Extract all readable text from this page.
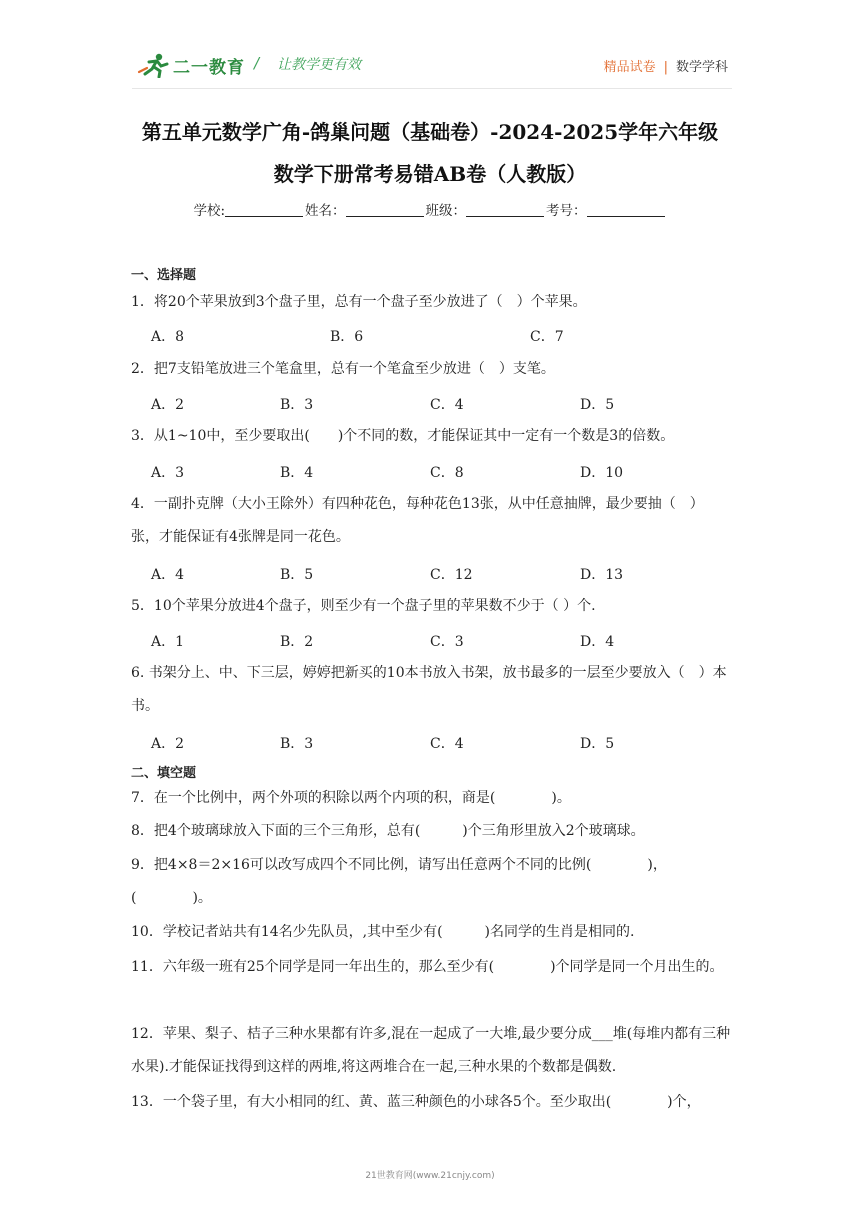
二一教育 / 让教学更有效	精品试卷 | 数学学科
第五单元数学广角-鸽巢问题（基础卷）-2024-2025学年六年级
数学下册常考易错AB卷（人教版）
学校:	姓名：	班级：	考号：
一、选择题
1．将20个苹果放到3个盘子里，总有一个盘子至少放进了（　）个苹果。
A．8	B．6	C．7
2．把7支铅笔放进三个笔盒里，总有一个笔盒至少放进（　）支笔。
A．2	B．3	C．4	D．5
3．从1~10中，至少要取出(　　)个不同的数，才能保证其中一定有一个数是3的倍数。
A．3	B．4	C．8	D．10
4．一副扑克牌（大小王除外）有四种花色，每种花色13张，从中任意抽牌，最少要抽（　）张，才能保证有4张牌是同一花色。
A．4	B．5	C．12	D．13
5．10个苹果分放进4个盘子，则至少有一个盘子里的苹果数不少于（ ）个.
A．1	B．2	C．3	D．4
6. 书架分上、中、下三层，婷婷把新买的10本书放入书架，放书最多的一层至少要放入（　）本书。
A．2	B．3	C．4	D．5
二、填空题
7．在一个比例中，两个外项的积除以两个内项的积，商是(　　　　)。
8．把4个玻璃球放入下面的三个三角形，总有(　　　)个三角形里放入2个玻璃球。
9．把4×8＝2×16可以改写成四个不同比例，请写出任意两个不同的比例(　　　　)，(　　　　)。
10．学校记者站共有14名少先队员，,其中至少有(　　　)名同学的生肖是相同的.
11．六年级一班有25个同学是同一年出生的，那么至少有(　　　　)个同学是同一个月出生的。
12．苹果、梨子、桔子三种水果都有许多,混在一起成了一大堆,最少要分成___堆(每堆内都有三种水果).才能保证找得到这样的两堆,将这两堆合在一起,三种水果的个数都是偶数.
13．一个袋子里，有大小相同的红、黄、蓝三种颜色的小球各5个。至少取出(　　　　)个，
21世教育网(www.21cnjy.com)
